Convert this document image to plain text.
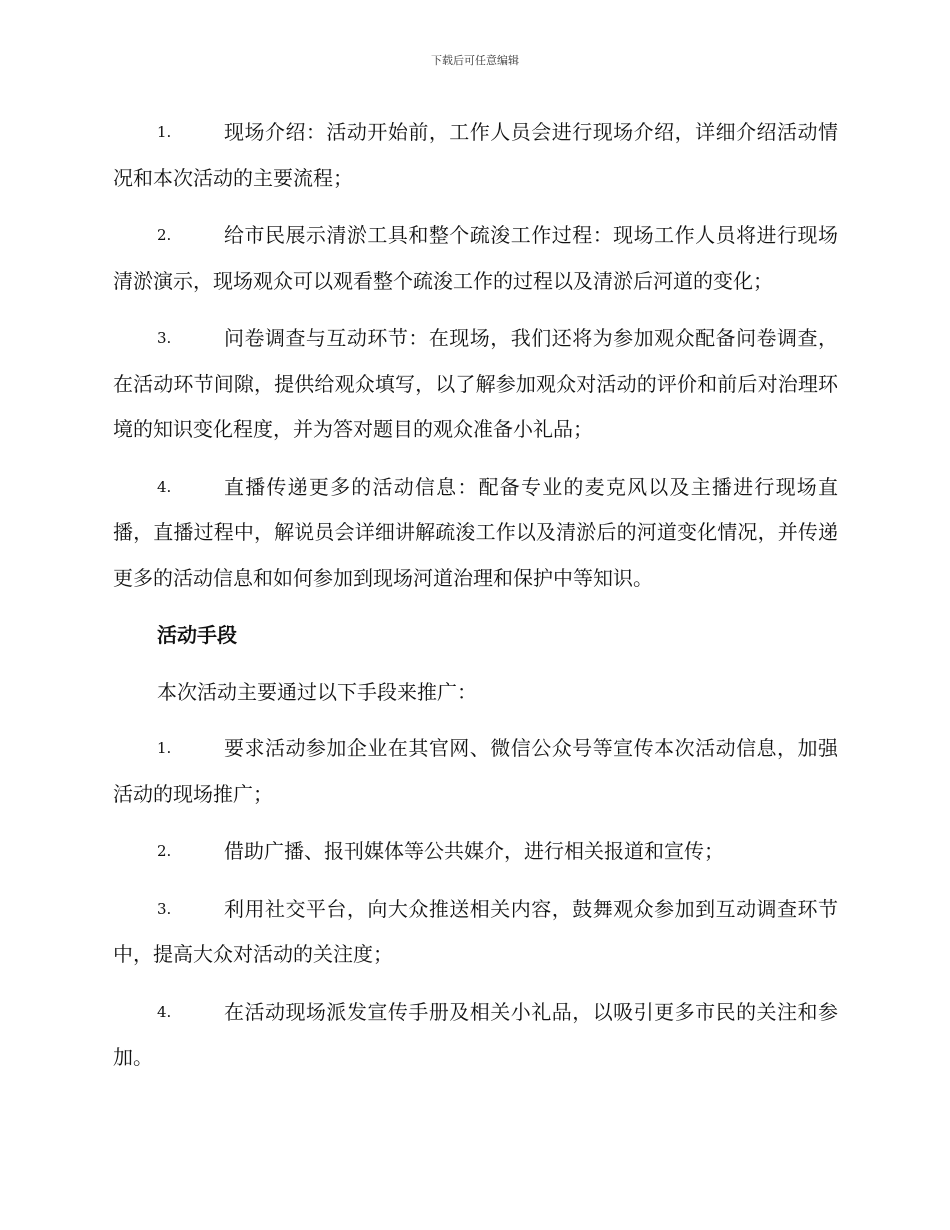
下载后可任意编辑
1.	现场介绍：活动开始前，工作人员会进行现场介绍，详细介绍活动情况和本次活动的主要流程；
2.	给市民展示清淤工具和整个疏浚工作过程：现场工作人员将进行现场清淤演示，现场观众可以观看整个疏浚工作的过程以及清淤后河道的变化；
3.	问卷调查与互动环节：在现场，我们还将为参加观众配备问卷调查，在活动环节间隙，提供给观众填写，以了解参加观众对活动的评价和前后对治理环境的知识变化程度，并为答对题目的观众准备小礼品；
4.	直播传递更多的活动信息：配备专业的麦克风以及主播进行现场直播，直播过程中，解说员会详细讲解疏浚工作以及清淤后的河道变化情况，并传递更多的活动信息和如何参加到现场河道治理和保护中等知识。
活动手段
本次活动主要通过以下手段来推广：
1.	要求活动参加企业在其官网、微信公众号等宣传本次活动信息，加强活动的现场推广；
2.	借助广播、报刊媒体等公共媒介，进行相关报道和宣传；
3.	利用社交平台，向大众推送相关内容，鼓舞观众参加到互动调查环节中，提高大众对活动的关注度；
4.	在活动现场派发宣传手册及相关小礼品，以吸引更多市民的关注和参加。
